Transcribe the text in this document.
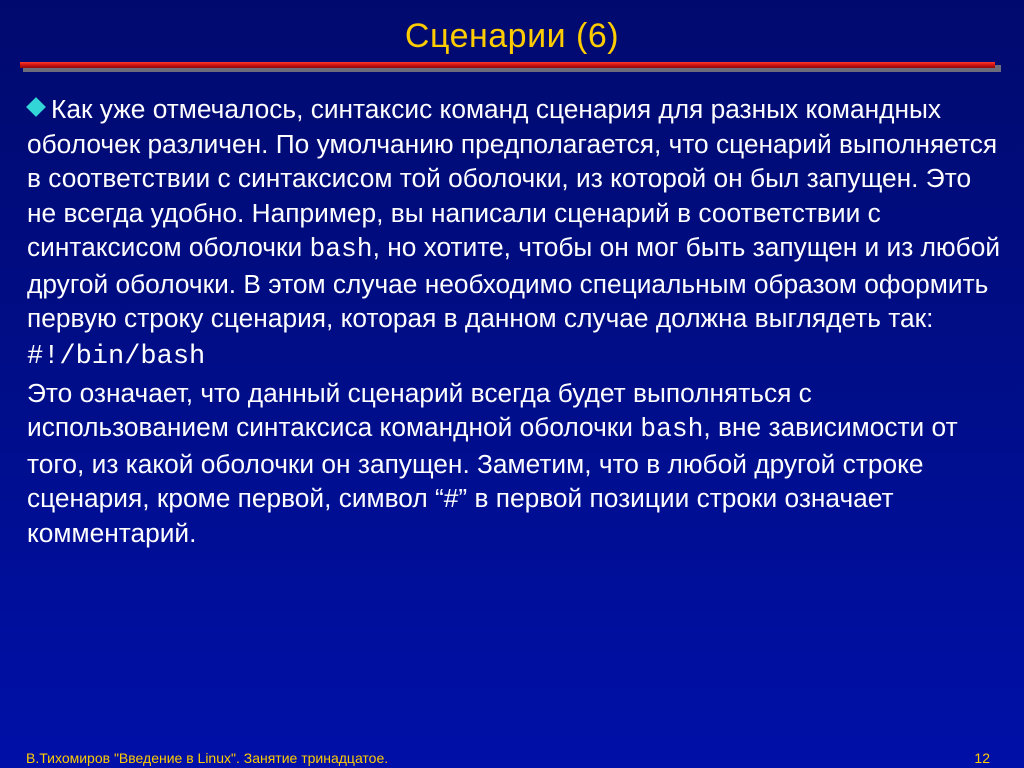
Сценарии (6)

Как уже отмечалось, синтаксис команд сценария для разных командных оболочек различен. По умолчанию предполагается, что сценарий выполняется в соответствии с синтаксисом той оболочки, из которой он был запущен. Это не всегда удобно. Например, вы написали сценарий в соответствии с синтаксисом оболочки bash, но хотите, чтобы он мог быть запущен и из любой другой оболочки. В этом случае необходимо специальным образом оформить первую строку сценария, которая в данном случае должна выглядеть так:

#!/bin/bash

Это означает, что данный сценарий всегда будет выполняться с использованием синтаксиса командной оболочки bash, вне зависимости от того, из какой оболочки он запущен. Заметим, что в любой другой строке сценария, кроме первой, символ “#” в первой позиции строки означает комментарий.

В.Тихомиров "Введение в Linux". Занятие тринадцатое.	12
